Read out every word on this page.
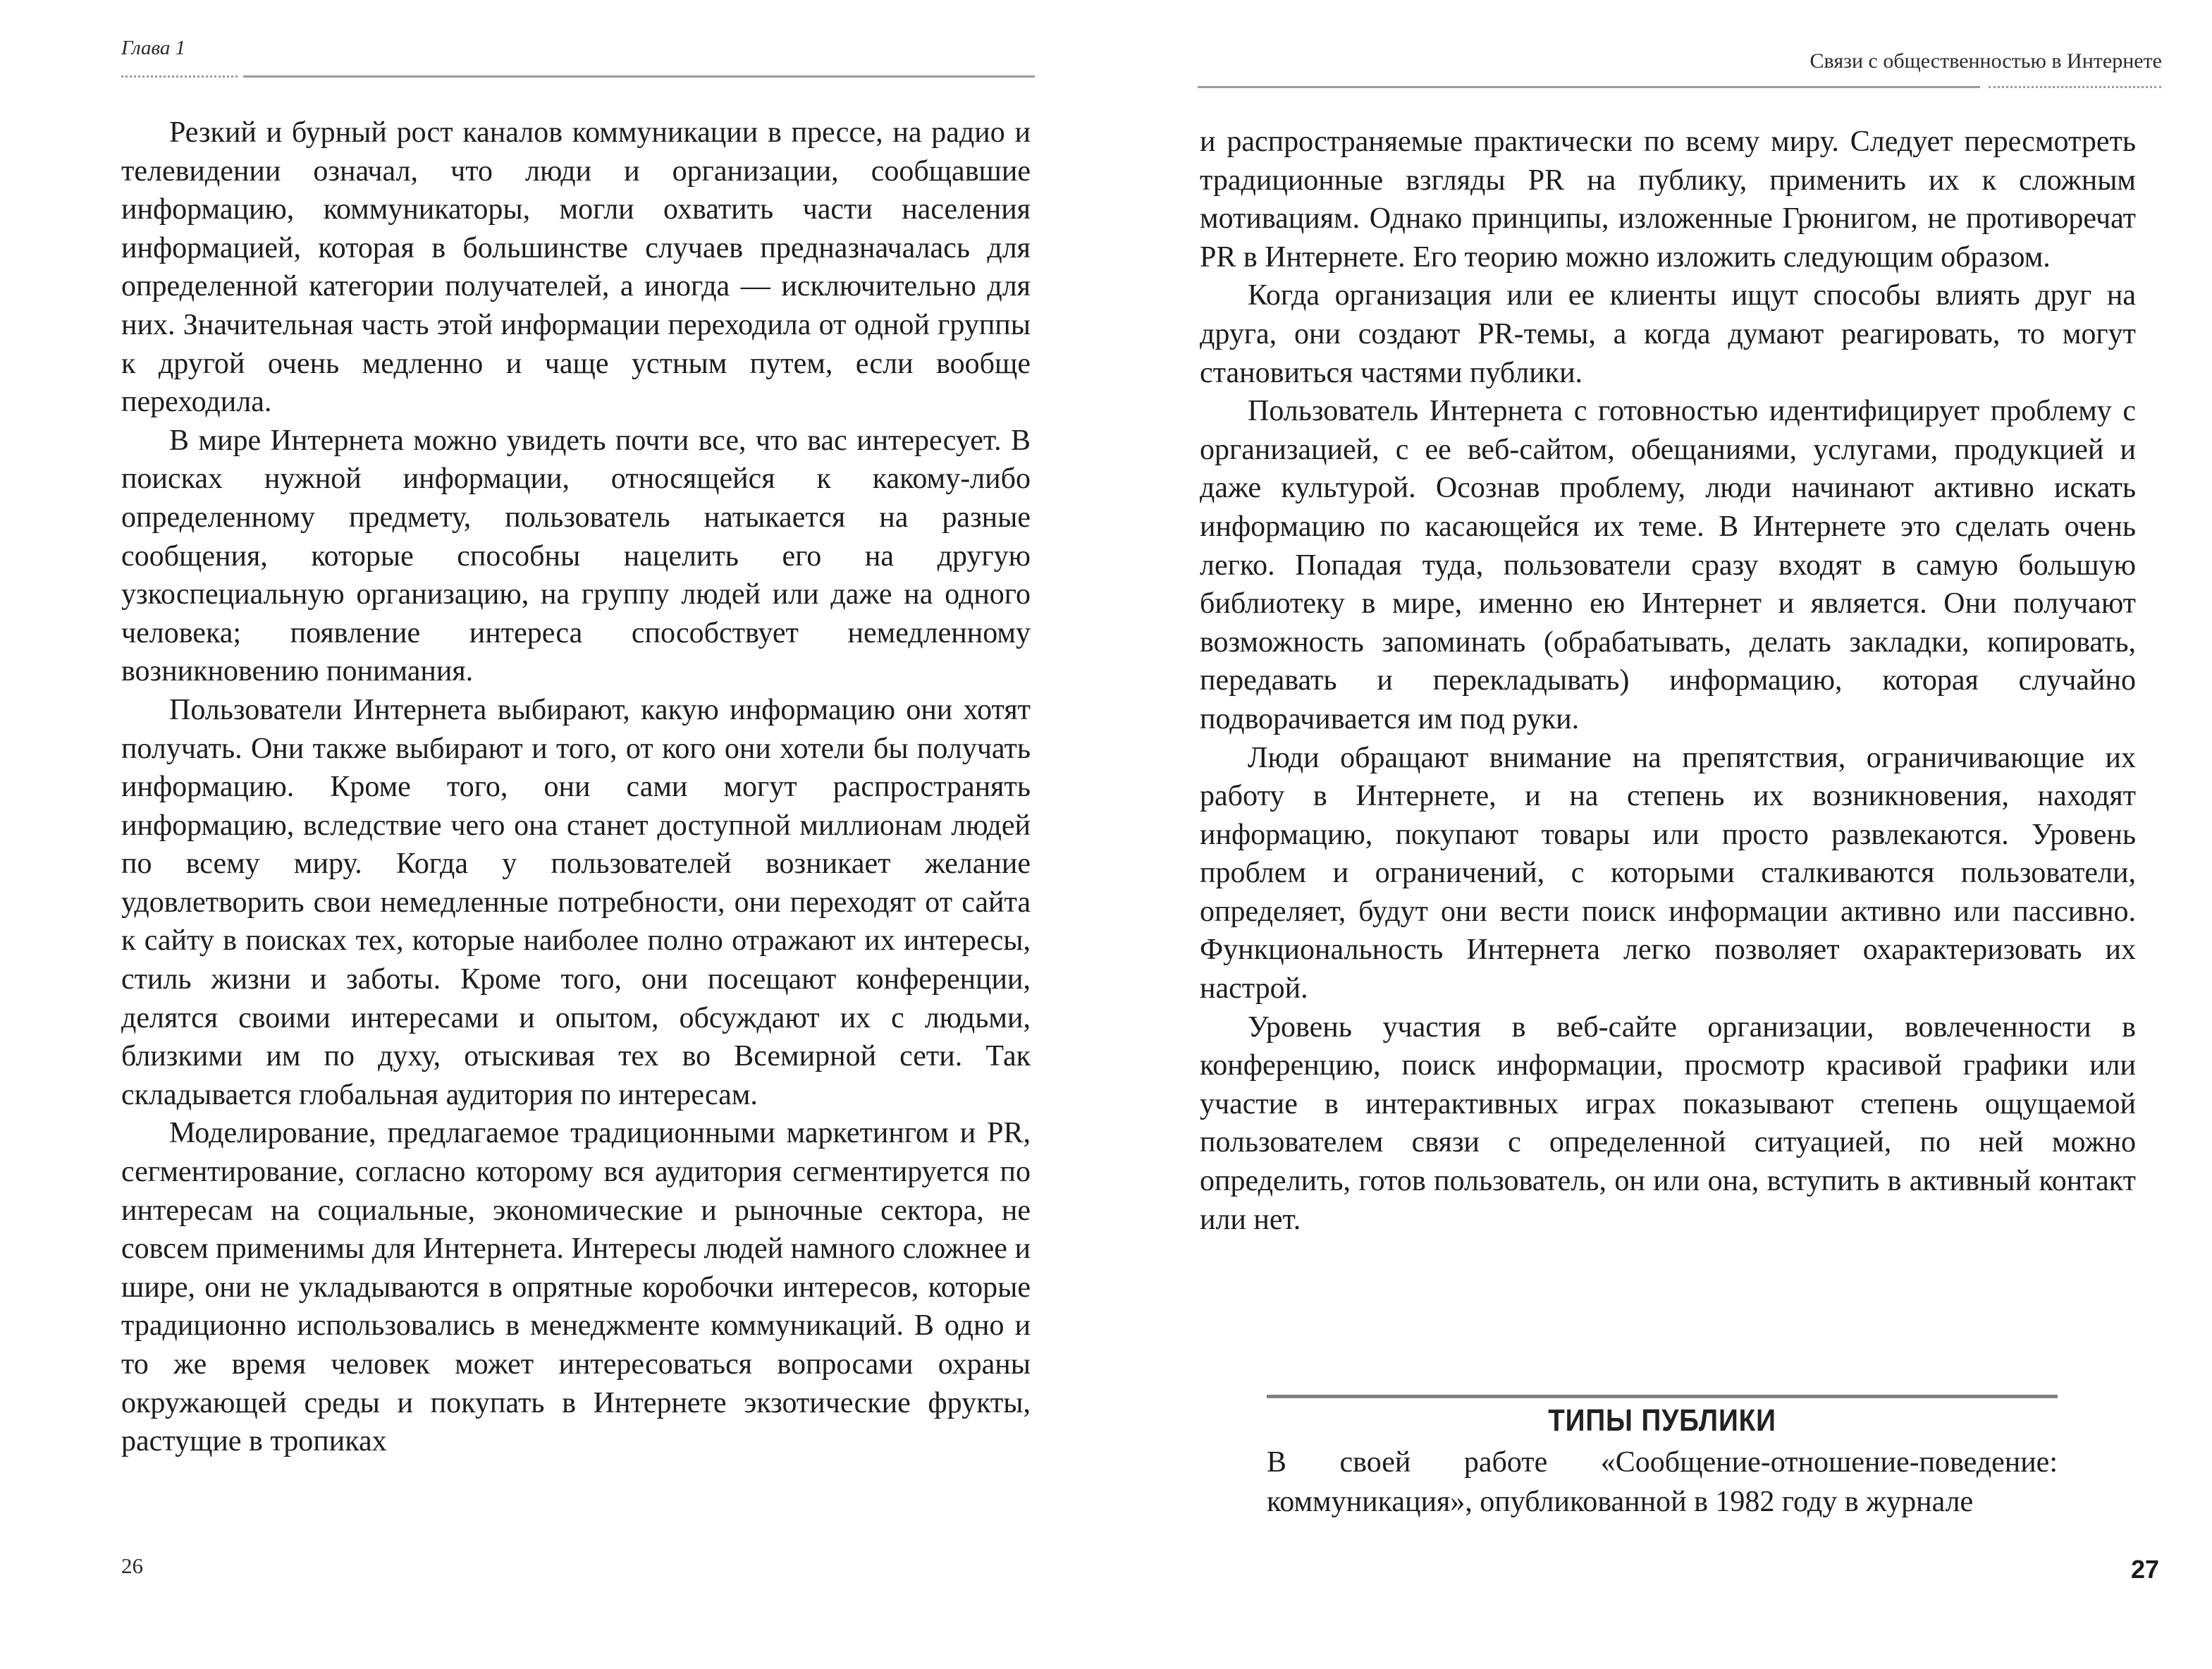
Глава 1

Резкий и бурный рост каналов коммуникации в прессе, на радио и телевидении означал, что люди и организации, сообщавшие информацию, коммуникаторы, могли охватить части населения информацией, которая в большинстве случаев предназначалась для определенной категории получателей, а иногда — исключительно для них. Значительная часть этой информации переходила от одной группы к другой очень медленно и чаще устным путем, если вообще переходила.

В мире Интернета можно увидеть почти все, что вас интересует. В поисках нужной информации, относящейся к какому-либо определенному предмету, пользователь натыкается на разные сообщения, которые способны нацелить его на другую узкоспециальную организацию, на группу людей или даже на одного человека; появление интереса способствует немедленному возникновению понимания.

Пользователи Интернета выбирают, какую информацию они хотят получать. Они также выбирают и того, от кого они хотели бы получать информацию. Кроме того, они сами могут распространять информацию, вследствие чего она станет доступной миллионам людей по всему миру. Когда у пользователей возникает желание удовлетворить свои немедленные потребности, они переходят от сайта к сайту в поисках тех, которые наиболее полно отражают их интересы, стиль жизни и заботы. Кроме того, они посещают конференции, делятся своими интересами и опытом, обсуждают их с людьми, близкими им по духу, отыскивая тех во Всемирной сети. Так складывается глобальная аудитория по интересам.

Моделирование, предлагаемое традиционными маркетингом и PR, сегментирование, согласно которому вся аудитория сегментируется по интересам на социальные, экономические и рыночные сектора, не совсем применимы для Интернета. Интересы людей намного сложнее и шире, они не укладываются в опрятные коробочки интересов, которые традиционно использовались в менеджменте коммуникаций. В одно и то же время человек может интересоваться вопросами охраны окружающей среды и покупать в Интернете экзотические фрукты, растущие в тропиках

26
Связи с общественностью в Интернете

и распространяемые практически по всему миру. Следует пересмотреть традиционные взгляды PR на публику, применить их к сложным мотивациям. Однако принципы, изложенные Грюнигом, не противоречат PR в Интернете. Его теорию можно изложить следующим образом.

Когда организация или ее клиенты ищут способы влиять друг на друга, они создают PR-темы, а когда думают реагировать, то могут становиться частями публики.

Пользователь Интернета с готовностью идентифицирует проблему с организацией, с ее веб-сайтом, обещаниями, услугами, продукцией и даже культурой. Осознав проблему, люди начинают активно искать информацию по касающейся их теме. В Интернете это сделать очень легко. Попадая туда, пользователи сразу входят в самую большую библиотеку в мире, именно ею Интернет и является. Они получают возможность запоминать (обрабатывать, делать закладки, копировать, передавать и перекладывать) информацию, которая случайно подворачивается им под руки.

Люди обращают внимание на препятствия, ограничивающие их работу в Интернете, и на степень их возникновения, находят информацию, покупают товары или просто развлекаются. Уровень проблем и ограничений, с которыми сталкиваются пользователи, определяет, будут они вести поиск информации активно или пассивно. Функциональность Интернета легко позволяет охарактеризовать их настрой.

Уровень участия в веб-сайте организации, вовлеченности в конференцию, поиск информации, просмотр красивой графики или участие в интерактивных играх показывают степень ощущаемой пользователем связи с определенной ситуацией, по ней можно определить, готов пользователь, он или она, вступить в активный контакт или нет.

ТИПЫ ПУБЛИКИ

В своей работе «Сообщение-отношение-поведение: коммуникация», опубликованной в 1982 году в журнале

27
